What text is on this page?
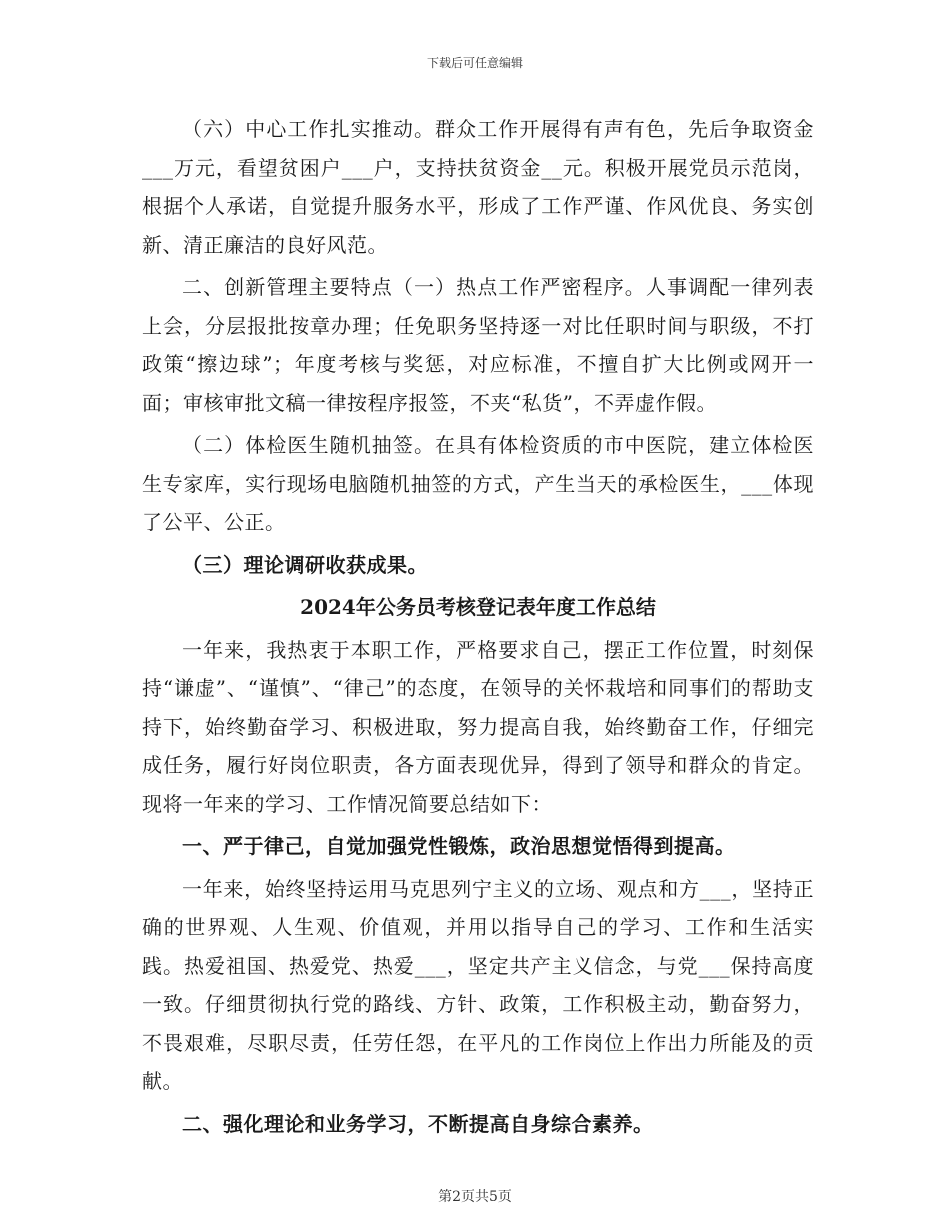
下载后可任意编辑

（六）中心工作扎实推动。群众工作开展得有声有色，先后争取资金___万元，看望贫困户___户，支持扶贫资金__元。积极开展党员示范岗，根据个人承诺，自觉提升服务水平，形成了工作严谨、作风优良、务实创新、清正廉洁的良好风范。

二、创新管理主要特点（一）热点工作严密程序。人事调配一律列表上会，分层报批按章办理；任免职务坚持逐一对比任职时间与职级，不打政策“擦边球”；年度考核与奖惩，对应标准，不擅自扩大比例或网开一面；审核审批文稿一律按程序报签，不夹“私货”，不弄虚作假。

（二）体检医生随机抽签。在具有体检资质的市中医院，建立体检医生专家库，实行现场电脑随机抽签的方式，产生当天的承检医生，___体现了公平、公正。

（三）理论调研收获成果。

2024年公务员考核登记表年度工作总结

一年来，我热衷于本职工作，严格要求自己，摆正工作位置，时刻保持“谦虚”、“谨慎”、“律己”的态度，在领导的关怀栽培和同事们的帮助支持下，始终勤奋学习、积极进取，努力提高自我，始终勤奋工作，仔细完成任务，履行好岗位职责，各方面表现优异，得到了领导和群众的肯定。现将一年来的学习、工作情况简要总结如下：

一、严于律己，自觉加强党性锻炼，政治思想觉悟得到提高。

一年来，始终坚持运用马克思列宁主义的立场、观点和方___，坚持正确的世界观、人生观、价值观，并用以指导自己的学习、工作和生活实践。热爱祖国、热爱党、热爱___，坚定共产主义信念，与党___保持高度一致。仔细贯彻执行党的路线、方针、政策，工作积极主动，勤奋努力，不畏艰难，尽职尽责，任劳任怨，在平凡的工作岗位上作出力所能及的贡献。

二、强化理论和业务学习，不断提高自身综合素养。

第2页共5页
